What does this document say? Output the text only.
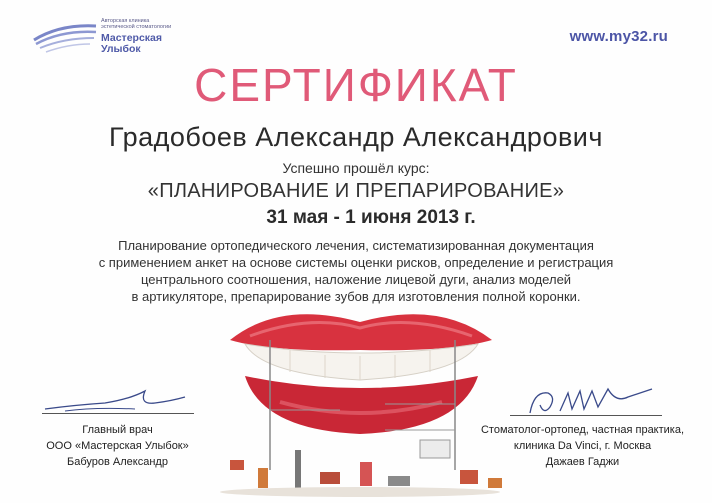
Авторская клиника
эстетической стоматологии
Мастерская
Улыбок
www.my32.ru
СЕРТИФИКАТ
Градобоев Александр Александрович
Успешно прошёл курс:
«ПЛАНИРОВАНИЕ И ПРЕПАРИРОВАНИЕ»
31 мая - 1 июня 2013 г.
Планирование ортопедического лечения, систематизированная документация
с применением анкет на основе системы оценки рисков, определение и регистрация
центрального соотношения, наложение лицевой дуги, анализ моделей
в артикуляторе, препарирование зубов для изготовления полной коронки.
Главный врач
ООО «Мастерская Улыбок»
Бабуров Александр
Стоматолог-ортопед, частная практика,
клиника Da Vinci, г. Москва
Дажаев Гаджи
